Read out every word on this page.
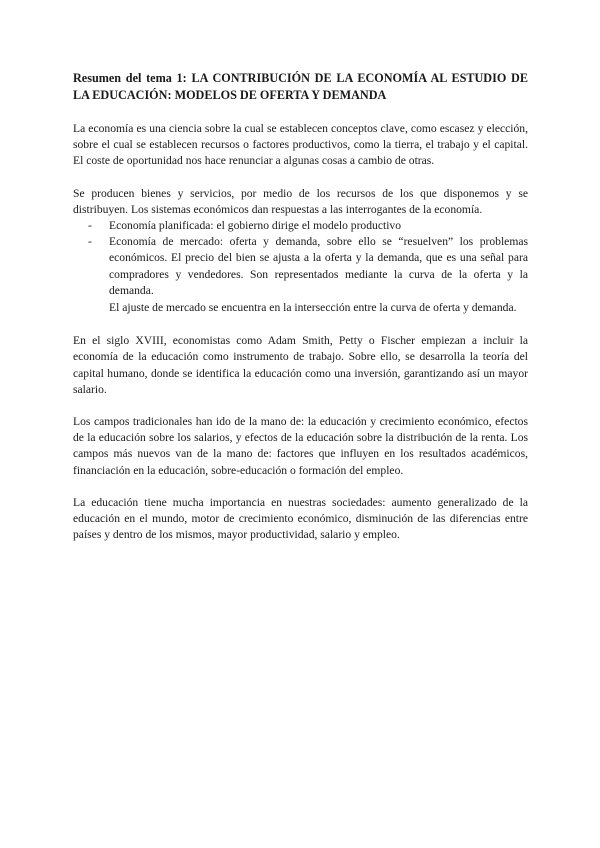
Resumen del tema 1: LA CONTRIBUCIÓN DE LA ECONOMÍA AL ESTUDIO DE LA EDUCACIÓN: MODELOS DE OFERTA Y DEMANDA

La economía es una ciencia sobre la cual se establecen conceptos clave, como escasez y elección, sobre el cual se establecen recursos o factores productivos, como la tierra, el trabajo y el capital. El coste de oportunidad nos hace renunciar a algunas cosas a cambio de otras.

Se producen bienes y servicios, por medio de los recursos de los que disponemos y se distribuyen. Los sistemas económicos dan respuestas a las interrogantes de la economía.

- Economía planificada: el gobierno dirige el modelo productivo
- Economía de mercado: oferta y demanda, sobre ello se “resuelven” los problemas económicos. El precio del bien se ajusta a la oferta y la demanda, que es una señal para compradores y vendedores. Son representados mediante la curva de la oferta y la demanda.
El ajuste de mercado se encuentra en la intersección entre la curva de oferta y demanda.

En el siglo XVIII, economistas como Adam Smith, Petty o Fischer empiezan a incluir la economía de la educación como instrumento de trabajo. Sobre ello, se desarrolla la teoría del capital humano, donde se identifica la educación como una inversión, garantizando así un mayor salario.

Los campos tradicionales han ido de la mano de: la educación y crecimiento económico, efectos de la educación sobre los salarios, y efectos de la educación sobre la distribución de la renta. Los campos más nuevos van de la mano de: factores que influyen en los resultados académicos, financiación en la educación, sobre-educación o formación del empleo.

La educación tiene mucha importancia en nuestras sociedades: aumento generalizado de la educación en el mundo, motor de crecimiento económico, disminución de las diferencias entre países y dentro de los mismos, mayor productividad, salario y empleo.
